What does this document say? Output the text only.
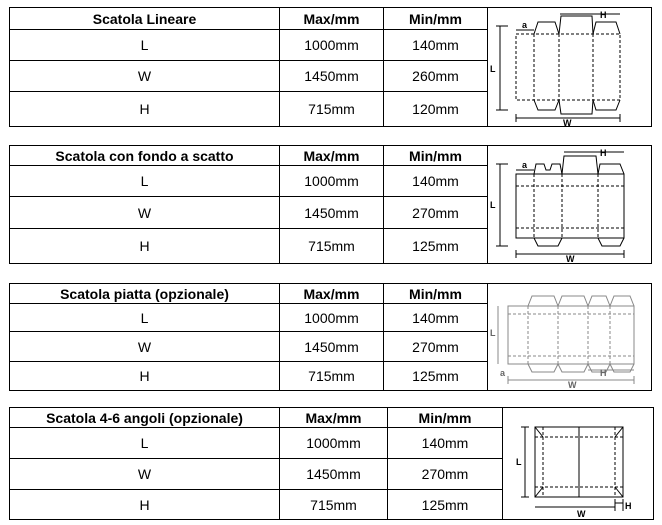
Scatola Lineare	Max/mm	Min/mm	H
a
L
W

L	1000mm	140mm	
W	1450mm	260mm	
H	715mm	120mm	
Scatola con fondo a scatto	Max/mm	Min/mm	H
a
L
W

L	1000mm	140mm	
W	1450mm	270mm	
H	715mm	125mm	
Scatola piatta (opzionale)	Max/mm	Min/mm	L
a
W
H

L	1000mm	140mm	
W	1450mm	270mm	
H	715mm	125mm	
Scatola 4-6 angoli (opzionale)	Max/mm	Min/mm	L
W
H

L	1000mm	140mm	
W	1450mm	270mm	
H	715mm	125mm	
